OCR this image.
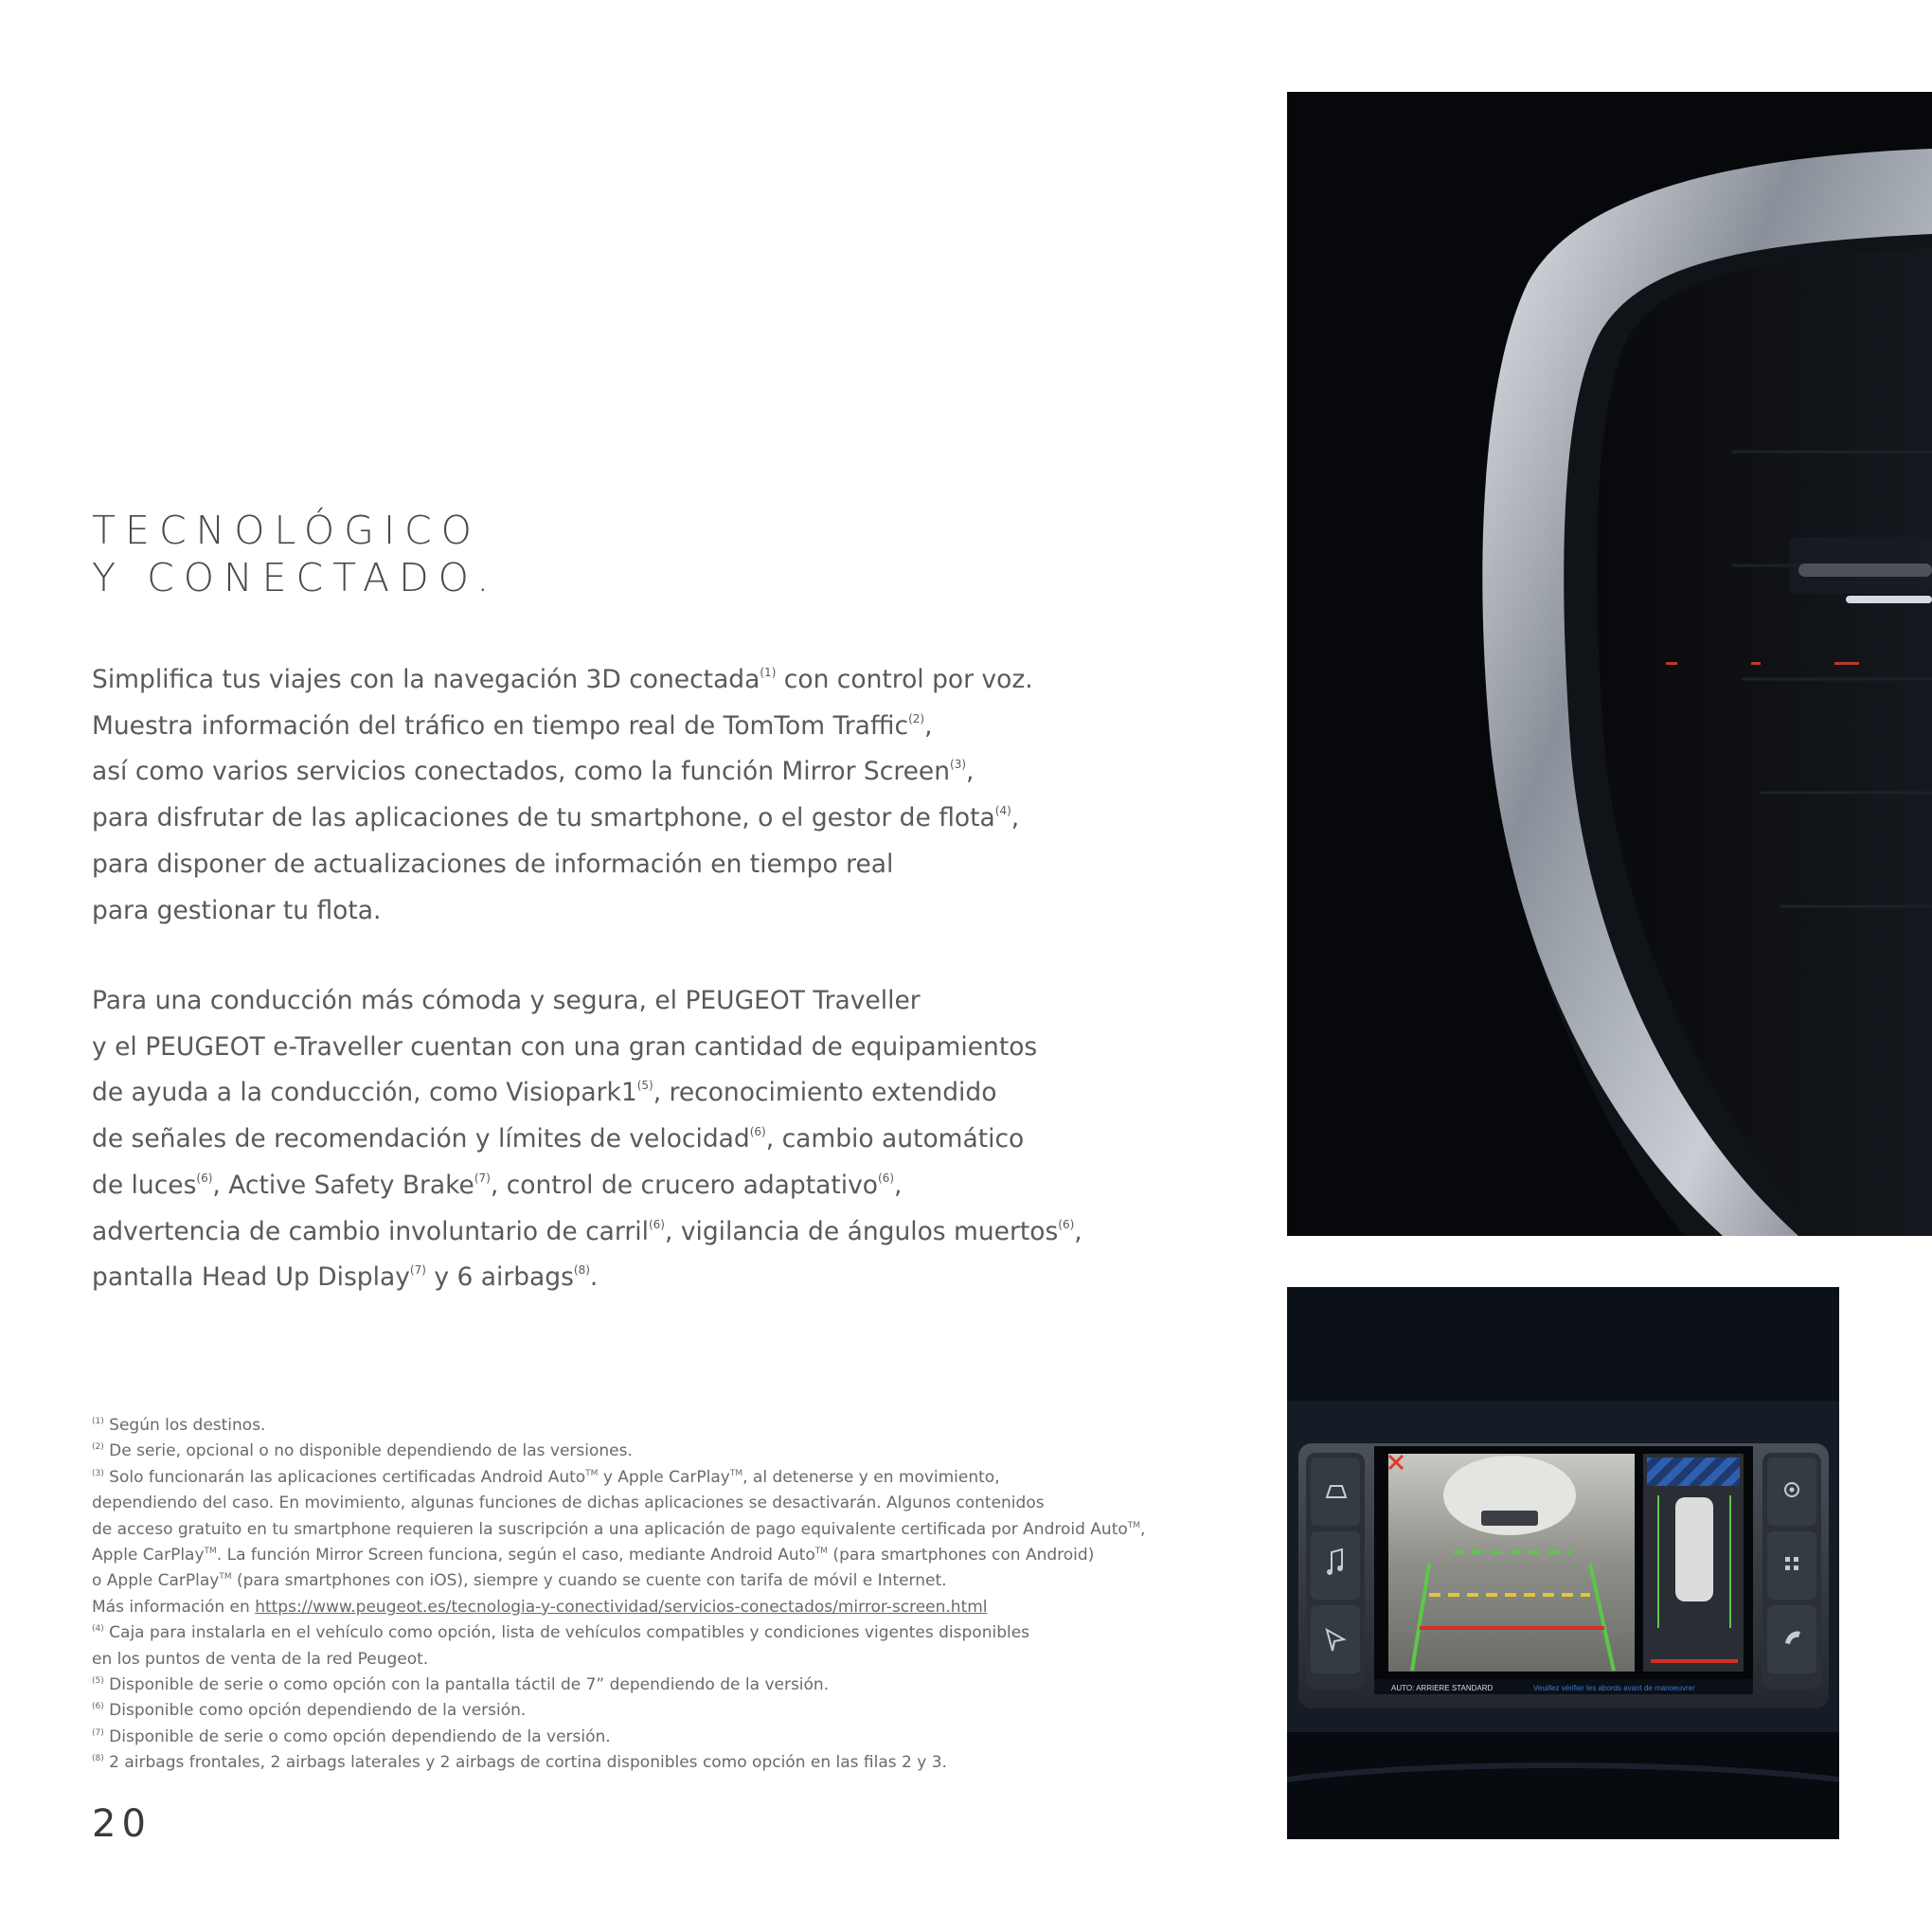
TECNOLÓGICO
Y CONECTADO.

Simplifica tus viajes con la navegación 3D conectada$^{(1)}$ con control por voz.
Muestra información del tráfico en tiempo real de TomTom Traffic$^{(2)}$,
así como varios servicios conectados, como la función Mirror Screen$^{(3)}$,
para disfrutar de las aplicaciones de tu smartphone, o el gestor de flota$^{(4)}$,
para disponer de actualizaciones de información en tiempo real
para gestionar tu flota.

Para una conducción más cómoda y segura, el PEUGEOT Traveller
y el PEUGEOT e-Traveller cuentan con una gran cantidad de equipamientos
de ayuda a la conducción, como Visiopark1$^{(5)}$, reconocimiento extendido
de señales de recomendación y límites de velocidad$^{(6)}$, cambio automático
de luces$^{(6)}$, Active Safety Brake$^{(7)}$, control de crucero adaptativo$^{(6)}$,
advertencia de cambio involuntario de carril$^{(6)}$, vigilancia de ángulos muertos$^{(6)}$,
pantalla Head Up Display$^{(7)}$ y 6 airbags$^{(8)}$.

$^{(1)}$ Según los destinos.
$^{(2)}$ De serie, opcional o no disponible dependiendo de las versiones.
$^{(3)}$ Solo funcionarán las aplicaciones certificadas Android Auto™ y Apple CarPlay™, al detenerse y en movimiento,
dependiendo del caso. En movimiento, algunas funciones de dichas aplicaciones se desactivarán. Algunos contenidos
de acceso gratuito en tu smartphone requieren la suscripción a una aplicación de pago equivalente certificada por Android Auto™,
Apple CarPlay™. La función Mirror Screen funciona, según el caso, mediante Android Auto™ (para smartphones con Android)
o Apple CarPlay™ (para smartphones con iOS), siempre y cuando se cuente con tarifa de móvil e Internet.
Más información en https://www.peugeot.es/tecnologia-y-conectividad/servicios-conectados/mirror-screen.html
$^{(4)}$ Caja para instalarla en el vehículo como opción, lista de vehículos compatibles y condiciones vigentes disponibles
en los puntos de venta de la red Peugeot.
$^{(5)}$ Disponible de serie o como opción con la pantalla táctil de 7” dependiendo de la versión.
$^{(6)}$ Disponible como opción dependiendo de la versión.
$^{(7)}$ Disponible de serie o como opción dependiendo de la versión.
$^{(8)}$ 2 airbags frontales, 2 airbags laterales y 2 airbags de cortina disponibles como opción en las filas 2 y 3.
20
AUTO: ARRIERE STANDARD	Veuillez vérifier les abords avant de manoeuvrer
